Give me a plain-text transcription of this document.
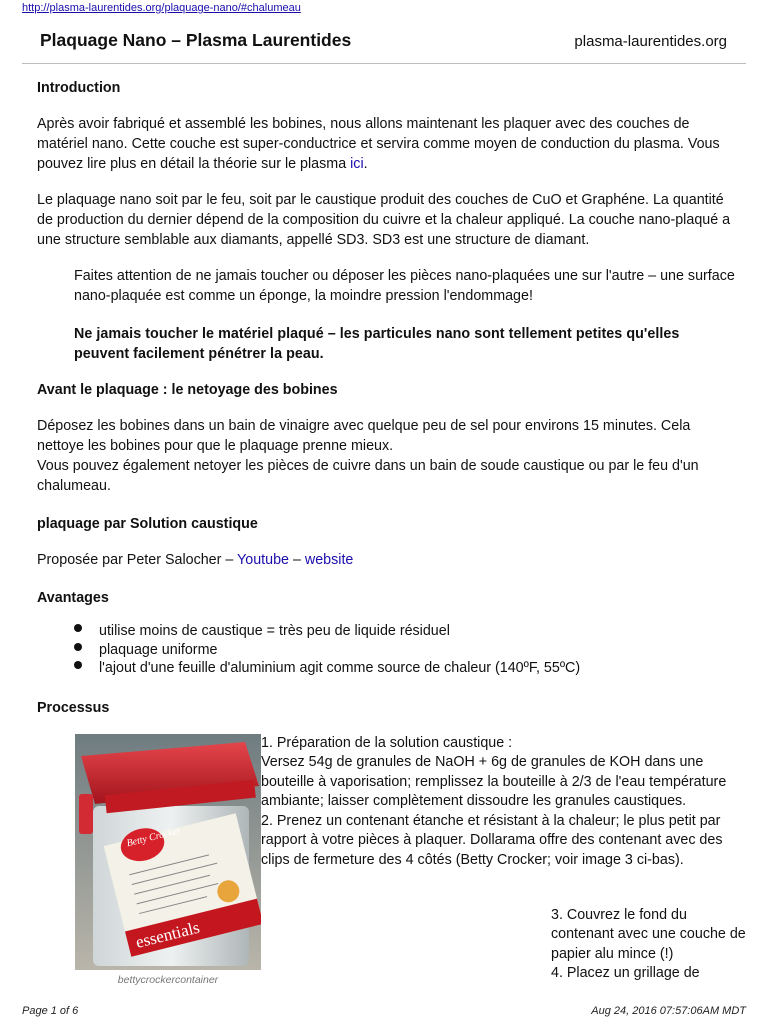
http://plasma-laurentides.org/plaquage-nano/#chalumeau
Plaquage Nano – Plasma Laurentides	plasma-laurentides.org
Introduction

Après avoir fabriqué et assemblé les bobines, nous allons maintenant les plaquer avec des couches de matériel nano. Cette couche est super-conductrice et servira comme moyen de conduction du plasma. Vous pouvez lire plus en détail la théorie sur le plasma ici.

Le plaquage nano soit par le feu, soit par le caustique produit des couches de CuO et Graphéne. La quantité de production du dernier dépend de la composition du cuivre et la chaleur appliqué. La couche nano-plaqué a une structure semblable aux diamants, appellé SD3. SD3 est une structure de diamant.

Faites attention de ne jamais toucher ou déposer les pièces nano-plaquées une sur l'autre – une surface nano-plaquée est comme un éponge, la moindre pression l'endommage!

Ne jamais toucher le matériel plaqué – les particules nano sont tellement petites qu'elles peuvent facilement pénétrer la peau.

Avant le plaquage : le netoyage des bobines

Déposez les bobines dans un bain de vinaigre avec quelque peu de sel pour environs 15 minutes. Cela nettoye les bobines pour que le plaquage prenne mieux.

Vous pouvez également netoyer les pièces de cuivre dans un bain de soude caustique ou par le feu d'un chalumeau.

plaquage par Solution caustique

Proposée par Peter Salocher – Youtube – website

Avantages
utilise moins de caustique = très peu de liquide résiduel
plaquage uniforme
l'ajout d'une feuille d'aluminium agit comme source de chaleur (140ºF, 55ºC)
Processus
Betty Crocker
essentials
bettycrockercontainer

1. Préparation de la solution caustique :

Versez 54g de granules de NaOH + 6g de granules de KOH dans une bouteille à vaporisation; remplissez la bouteille à 2/3 de l'eau température ambiante; laisser complètement dissoudre les granules caustiques.

2. Prenez un contenant étanche et résistant à la chaleur; le plus petit par rapport à votre pièces à plaquer. Dollarama offre des contenant avec des clips de fermeture des 4 côtés (Betty Crocker; voir image 3 ci-bas).

3. Couvrez le fond du contenant avec une couche de papier alu mince (!)

4. Placez un grillage de

Page 1 of 6	Aug 24, 2016 07:57:06AM MDT
